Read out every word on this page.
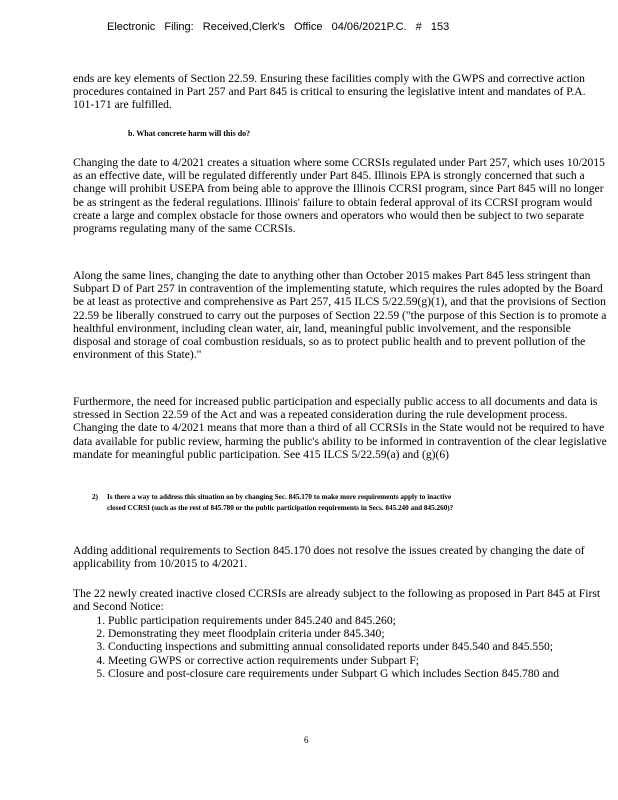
Electronic Filing: Received,Clerk's Office 04/06/2021P.C. # 153
ends are key elements of Section 22.59. Ensuring these facilities comply with the GWPS and corrective action procedures contained in Part 257 and Part 845 is critical to ensuring the legislative intent and mandates of P.A. 101-171 are fulfilled.
b. What concrete harm will this do?
Changing the date to 4/2021 creates a situation where some CCRSIs regulated under Part 257, which uses 10/2015 as an effective date, will be regulated differently under Part 845. Illinois EPA is strongly concerned that such a change will prohibit USEPA from being able to approve the Illinois CCRSI program, since Part 845 will no longer be as stringent as the federal regulations. Illinois' failure to obtain federal approval of its CCRSI program would create a large and complex obstacle for those owners and operators who would then be subject to two separate programs regulating many of the same CCRSIs.
Along the same lines, changing the date to anything other than October 2015 makes Part 845 less stringent than Subpart D of Part 257 in contravention of the implementing statute, which requires the rules adopted by the Board be at least as protective and comprehensive as Part 257, 415 ILCS 5/22.59(g)(1), and that the provisions of Section 22.59 be liberally construed to carry out the purposes of Section 22.59 ("the purpose of this Section is to promote a healthful environment, including clean water, air, land, meaningful public involvement, and the responsible disposal and storage of coal combustion residuals, so as to protect public health and to prevent pollution of the environment of this State)."
Furthermore, the need for increased public participation and especially public access to all documents and data is stressed in Section 22.59 of the Act and was a repeated consideration during the rule development process. Changing the date to 4/2021 means that more than a third of all CCRSIs in the State would not be required to have data available for public review, harming the public's ability to be informed in contravention of the clear legislative mandate for meaningful public participation. See 415 ILCS 5/22.59(a) and (g)(6)
2) Is there a way to address this situation on by changing Sec. 845.170 to make more requirements apply to inactive closed CCRSI (such as the rest of 845.780 or the public participation requirements in Secs. 845.240 and 845.260)?
Adding additional requirements to Section 845.170 does not resolve the issues created by changing the date of applicability from 10/2015 to 4/2021.
The 22 newly created inactive closed CCRSIs are already subject to the following as proposed in Part 845 at First and Second Notice:
1. Public participation requirements under 845.240 and 845.260;
2. Demonstrating they meet floodplain criteria under 845.340;
3. Conducting inspections and submitting annual consolidated reports under 845.540 and 845.550;
4. Meeting GWPS or corrective action requirements under Subpart F;
5. Closure and post-closure care requirements under Subpart G which includes Section 845.780 and
6
